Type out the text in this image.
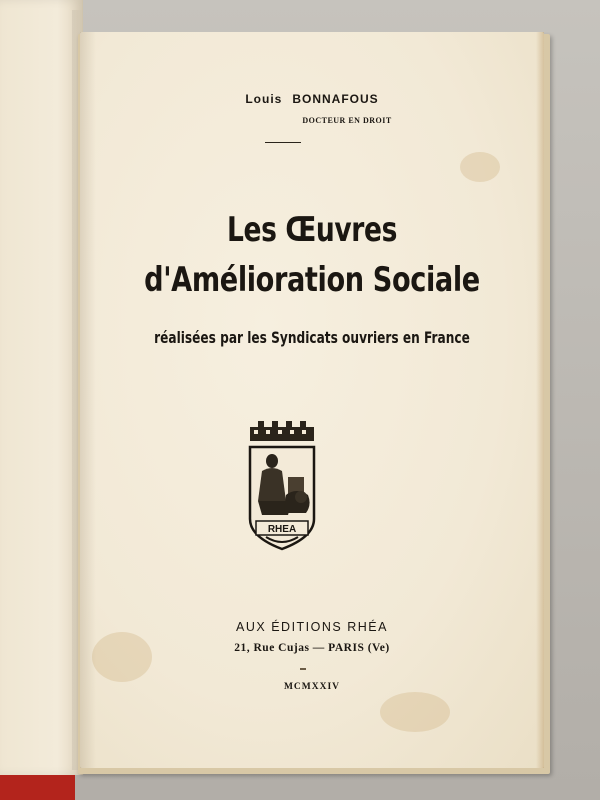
Louis BONNAFOUS
DOCTEUR EN DROIT
Les Œuvres
d'Amélioration Sociale
réalisées par les Syndicats ouvriers en France
RHEA
AUX ÉDITIONS RHÉA
21, Rue Cujas — PARIS (Ve)
MCMXXIV
